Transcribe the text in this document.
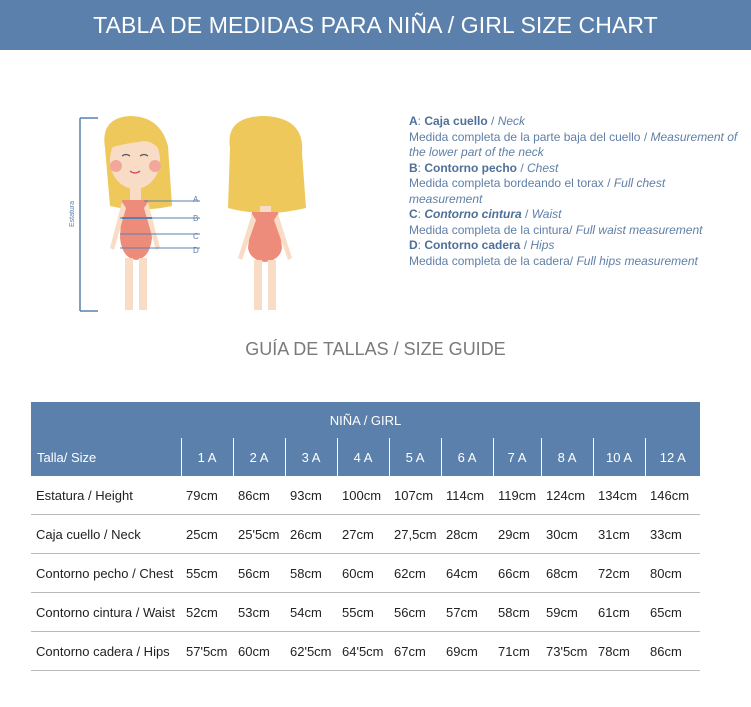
TABLA DE MEDIDAS PARA NIÑA / GIRL SIZE CHART
Estatura
A
B
C
D
A: Caja cuello / Neck
Medida completa de la parte baja del cuello / Measurement of the lower part of the neck
B: Contorno pecho / Chest
Medida completa bordeando el torax / Full chest measurement
C: Contorno cintura / Waist
Medida completa de la cintura/ Full waist measurement
D: Contorno cadera / Hips
Medida completa de la cadera/ Full hips measurement
GUÍA DE TALLAS / SIZE GUIDE
NIÑA / GIRL										
Talla/ Size	1 A	2 A	3 A	4 A	5 A	6 A	7 A	8 A	10 A	12 A
Estatura / Height	79cm	86cm	93cm	100cm	107cm	114cm	119cm	124cm	134cm	146cm
Caja cuello / Neck	25cm	25'5cm	26cm	27cm	27,5cm	28cm	29cm	30cm	31cm	33cm
Contorno pecho / Chest	55cm	56cm	58cm	60cm	62cm	64cm	66cm	68cm	72cm	80cm
Contorno cintura / Waist	52cm	53cm	54cm	55cm	56cm	57cm	58cm	59cm	61cm	65cm
Contorno cadera / Hips	57'5cm	60cm	62'5cm	64'5cm	67cm	69cm	71cm	73'5cm	78cm	86cm
